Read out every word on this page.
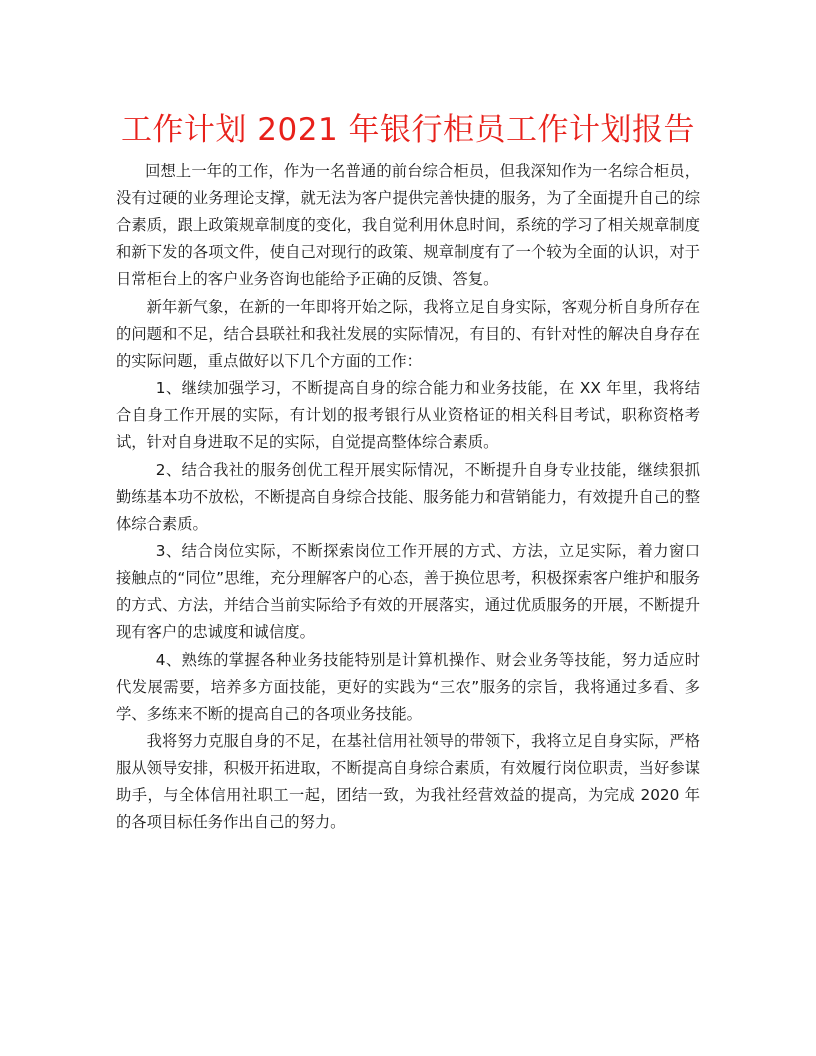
工作计划 2021 年银行柜员工作计划报告

回想上一年的工作，作为一名普通的前台综合柜员，但我深知作为一名综合柜员，没有过硬的业务理论支撑，就无法为客户提供完善快捷的服务，为了全面提升自己的综合素质，跟上政策规章制度的变化，我自觉利用休息时间，系统的学习了相关规章制度和新下发的各项文件，使自己对现行的政策、规章制度有了一个较为全面的认识，对于日常柜台上的客户业务咨询也能给予正确的反馈、答复。

新年新气象，在新的一年即将开始之际，我将立足自身实际，客观分析自身所存在的问题和不足，结合县联社和我社发展的实际情况，有目的、有针对性的解决自身存在的实际问题，重点做好以下几个方面的工作：

1、继续加强学习，不断提高自身的综合能力和业务技能，在 XX 年里，我将结合自身工作开展的实际，有计划的报考银行从业资格证的相关科目考试，职称资格考试，针对自身进取不足的实际，自觉提高整体综合素质。

2、结合我社的服务创优工程开展实际情况，不断提升自身专业技能，继续狠抓勤练基本功不放松，不断提高自身综合技能、服务能力和营销能力，有效提升自己的整体综合素质。

3、结合岗位实际，不断探索岗位工作开展的方式、方法，立足实际，着力窗口接触点的“同位”思维，充分理解客户的心态，善于换位思考，积极探索客户维护和服务的方式、方法，并结合当前实际给予有效的开展落实，通过优质服务的开展，不断提升现有客户的忠诚度和诚信度。

4、熟练的掌握各种业务技能特别是计算机操作、财会业务等技能，努力适应时代发展需要，培养多方面技能，更好的实践为“三农”服务的宗旨，我将通过多看、多学、多练来不断的提高自己的各项业务技能。

我将努力克服自身的不足，在基社信用社领导的带领下，我将立足自身实际，严格服从领导安排，积极开拓进取，不断提高自身综合素质，有效履行岗位职责，当好参谋助手，与全体信用社职工一起，团结一致，为我社经营效益的提高，为完成 2020 年的各项目标任务作出自己的努力。
